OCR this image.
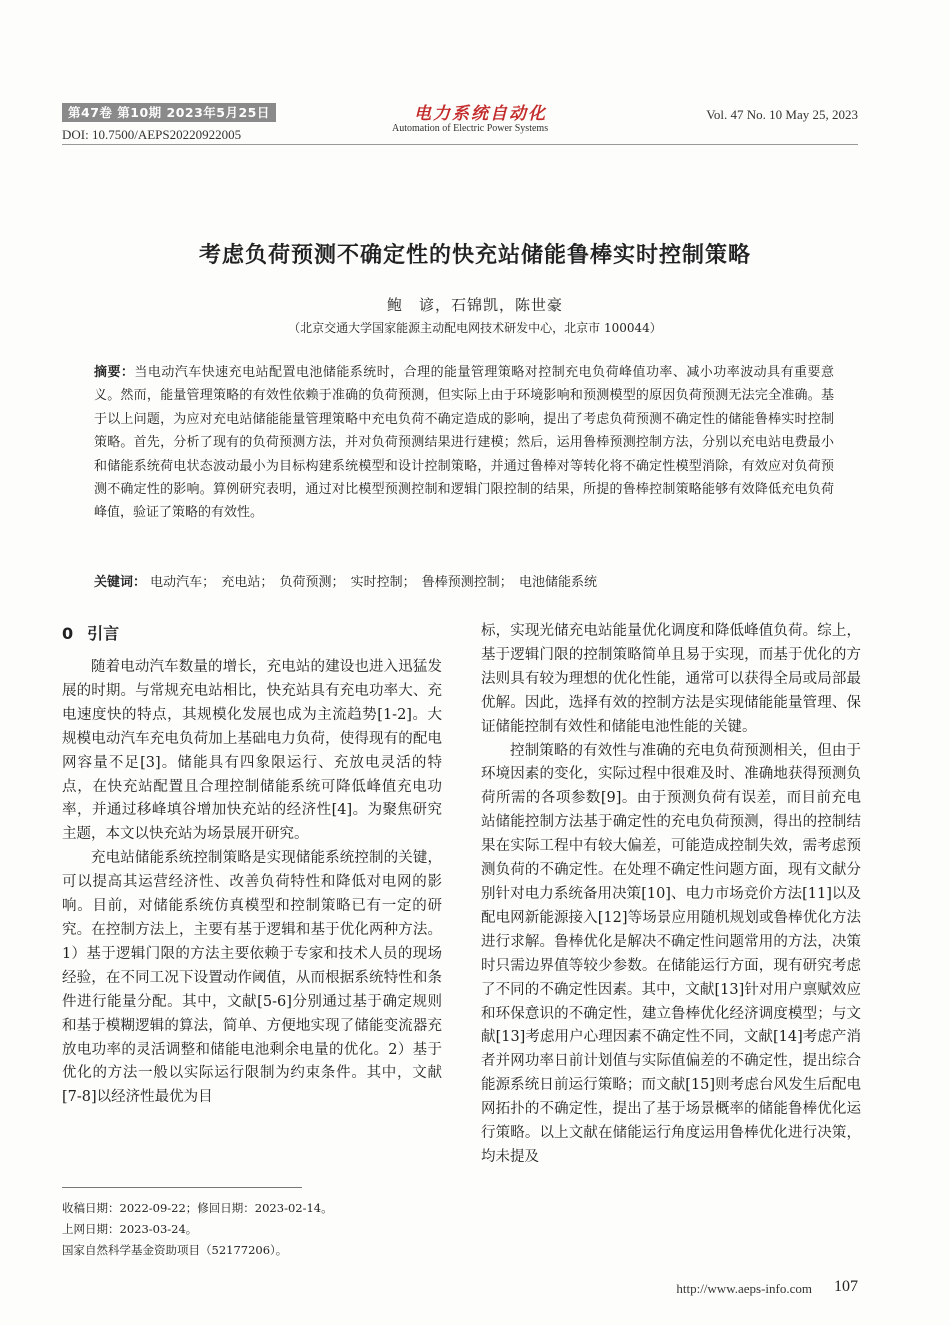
第47卷 第10期 2023年5月25日
DOI: 10.7500/AEPS20220922005
电力系统自动化
Automation of Electric Power Systems
Vol. 47 No. 10 May 25, 2023
考虑负荷预测不确定性的快充站储能鲁棒实时控制策略
鲍　谚，石锦凯，陈世豪
（北京交通大学国家能源主动配电网技术研发中心，北京市 100044）
摘要：当电动汽车快速充电站配置电池储能系统时，合理的能量管理策略对控制充电负荷峰值功率、减小功率波动具有重要意义。然而，能量管理策略的有效性依赖于准确的负荷预测，但实际上由于环境影响和预测模型的原因负荷预测无法完全准确。基于以上问题，为应对充电站储能能量管理策略中充电负荷不确定造成的影响，提出了考虑负荷预测不确定性的储能鲁棒实时控制策略。首先，分析了现有的负荷预测方法，并对负荷预测结果进行建模；然后，运用鲁棒预测控制方法，分别以充电站电费最小和储能系统荷电状态波动最小为目标构建系统模型和设计控制策略，并通过鲁棒对等转化将不确定性模型消除，有效应对负荷预测不确定性的影响。算例研究表明，通过对比模型预测控制和逻辑门限控制的结果，所提的鲁棒控制策略能够有效降低充电负荷峰值，验证了策略的有效性。
关键词： 电动汽车； 充电站； 负荷预测； 实时控制； 鲁棒预测控制； 电池储能系统
0 引言

随着电动汽车数量的增长，充电站的建设也进入迅猛发展的时期。与常规充电站相比，快充站具有充电功率大、充电速度快的特点，其规模化发展也成为主流趋势[1-2]。大规模电动汽车充电负荷加上基础电力负荷，使得现有的配电网容量不足[3]。储能具有四象限运行、充放电灵活的特点，在快充站配置且合理控制储能系统可降低峰值充电功率，并通过移峰填谷增加快充站的经济性[4]。为聚焦研究主题，本文以快充站为场景展开研究。

充电站储能系统控制策略是实现储能系统控制的关键，可以提高其运营经济性、改善负荷特性和降低对电网的影响。目前，对储能系统仿真模型和控制策略已有一定的研究。在控制方法上，主要有基于逻辑和基于优化两种方法。1）基于逻辑门限的方法主要依赖于专家和技术人员的现场经验，在不同工况下设置动作阈值，从而根据系统特性和条件进行能量分配。其中，文献[5-6]分别通过基于确定规则和基于模糊逻辑的算法，简单、方便地实现了储能变流器充放电功率的灵活调整和储能电池剩余电量的优化。2）基于优化的方法一般以实际运行限制为约束条件。其中，文献[7-8]以经济性最优为目

标，实现光储充电站能量优化调度和降低峰值负荷。综上，基于逻辑门限的控制策略简单且易于实现，而基于优化的方法则具有较为理想的优化性能，通常可以获得全局或局部最优解。因此，选择有效的控制方法是实现储能能量管理、保证储能控制有效性和储能电池性能的关键。

控制策略的有效性与准确的充电负荷预测相关，但由于环境因素的变化，实际过程中很难及时、准确地获得预测负荷所需的各项参数[9]。由于预测负荷有误差，而目前充电站储能控制方法基于确定性的充电负荷预测，得出的控制结果在实际工程中有较大偏差，可能造成控制失效，需考虑预测负荷的不确定性。在处理不确定性问题方面，现有文献分别针对电力系统备用决策[10]、电力市场竞价方法[11]以及配电网新能源接入[12]等场景应用随机规划或鲁棒优化方法进行求解。鲁棒优化是解决不确定性问题常用的方法，决策时只需边界值等较少参数。在储能运行方面，现有研究考虑了不同的不确定性因素。其中，文献[13]针对用户禀赋效应和环保意识的不确定性，建立鲁棒优化经济调度模型；与文献[13]考虑用户心理因素不确定性不同，文献[14]考虑产消者并网功率日前计划值与实际值偏差的不确定性，提出综合能源系统日前运行策略；而文献[15]则考虑台风发生后配电网拓扑的不确定性，提出了基于场景概率的储能鲁棒优化运行策略。以上文献在储能运行角度运用鲁棒优化进行决策，均未提及

收稿日期：2022-09-22；修回日期：2023-02-14。
上网日期：2023-03-24。
国家自然科学基金资助项目（52177206）。
http://www.aeps-info.com 107
